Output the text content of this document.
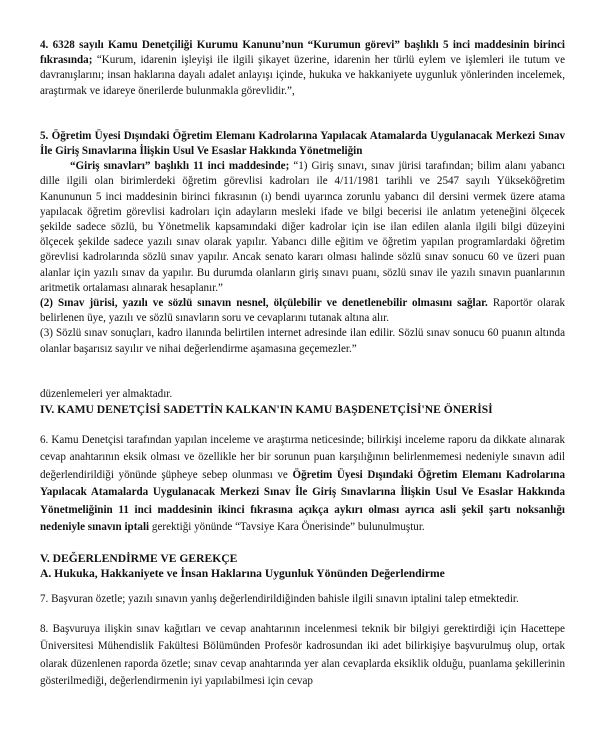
4. 6328 sayılı Kamu Denetçiliği Kurumu Kanunu’nun “Kurumun görevi” başlıklı 5 inci maddesinin birinci fıkrasında; “Kurum, idarenin işleyişi ile ilgili şikayet üzerine, idarenin her türlü eylem ve işlemleri ile tutum ve davranışlarını; insan haklarına dayalı adalet anlayışı içinde, hukuka ve hakkaniyete uygunluk yönlerinden incelemek, araştırmak ve idareye önerilerde bulunmakla görevlidir.”,

5. Öğretim Üyesi Dışındaki Öğretim Elemanı Kadrolarına Yapılacak Atamalarda Uygulanacak Merkezi Sınav İle Giriş Sınavlarına İlişkin Usul Ve Esaslar Hakkında Yönetmeliğin

“Giriş sınavları” başlıklı 11 inci maddesinde; “1) Giriş sınavı, sınav jürisi tarafından; bilim alanı yabancı dille ilgili olan birimlerdeki öğretim görevlisi kadroları ile 4/11/1981 tarihli ve 2547 sayılı Yükseköğretim Kanununun 5 inci maddesinin birinci fıkrasının (ı) bendi uyarınca zorunlu yabancı dil dersini vermek üzere atama yapılacak öğretim görevlisi kadroları için adayların mesleki ifade ve bilgi becerisi ile anlatım yeteneğini ölçecek şekilde sadece sözlü, bu Yönetmelik kapsamındaki diğer kadrolar için ise ilan edilen alanla ilgili bilgi düzeyini ölçecek şekilde sadece yazılı sınav olarak yapılır. Yabancı dille eğitim ve öğretim yapılan programlardaki öğretim görevlisi kadrolarında sözlü sınav yapılır. Ancak senato kararı olması halinde sözlü sınav sonucu 60 ve üzeri puan alanlar için yazılı sınav da yapılır. Bu durumda olanların giriş sınavı puanı, sözlü sınav ile yazılı sınavın puanlarının aritmetik ortalaması alınarak hesaplanır.”

(2) Sınav jürisi, yazılı ve sözlü sınavın nesnel, ölçülebilir ve denetlenebilir olmasını sağlar. Raportör olarak belirlenen üye, yazılı ve sözlü sınavların soru ve cevaplarını tutanak altına alır.

(3) Sözlü sınav sonuçları, kadro ilanında belirtilen internet adresinde ilan edilir. Sözlü sınav sonucu 60 puanın altında olanlar başarısız sayılır ve nihai değerlendirme aşamasına geçemezler.”

düzenlemeleri yer almaktadır.

IV. KAMU DENETÇİSİ SADETTİN KALKAN'IN KAMU BAŞDENETÇİSİ'NE ÖNERİSİ

6. Kamu Denetçisi tarafından yapılan inceleme ve araştırma neticesinde; bilirkişi inceleme raporu da dikkate alınarak cevap anahtarının eksik olması ve özellikle her bir sorunun puan karşılığının belirlenmemesi nedeniyle sınavın adil değerlendirildiği yönünde şüpheye sebep olunması ve Öğretim Üyesi Dışındaki Öğretim Elemanı Kadrolarına Yapılacak Atamalarda Uygulanacak Merkezi Sınav İle Giriş Sınavlarına İlişkin Usul Ve Esaslar Hakkında Yönetmeliğinin 11 inci maddesinin ikinci fıkrasına açıkça aykırı olması ayrıca asli şekil şartı noksanlığı nedeniyle sınavın iptali gerektiği yönünde “Tavsiye Kara Önerisinde” bulunulmuştur.

V. DEĞERLENDİRME VE GEREKÇE
A. Hukuka, Hakkaniyete ve İnsan Haklarına Uygunluk Yönünden Değerlendirme

7. Başvuran özetle; yazılı sınavın yanlış değerlendirildiğinden bahisle ilgili sınavın iptalini talep etmektedir.

8. Başvuruya ilişkin sınav kağıtları ve cevap anahtarının incelenmesi teknik bir bilgiyi gerektirdiği için Hacettepe Üniversitesi Mühendislik Fakültesi Bölümünden Profesör kadrosundan iki adet bilirkişiye başvurulmuş olup, ortak olarak düzenlenen raporda özetle; sınav cevap anahtarında yer alan cevaplarda eksiklik olduğu, puanlama şekillerinin gösterilmediği, değerlendirmenin iyi yapılabilmesi için cevap
